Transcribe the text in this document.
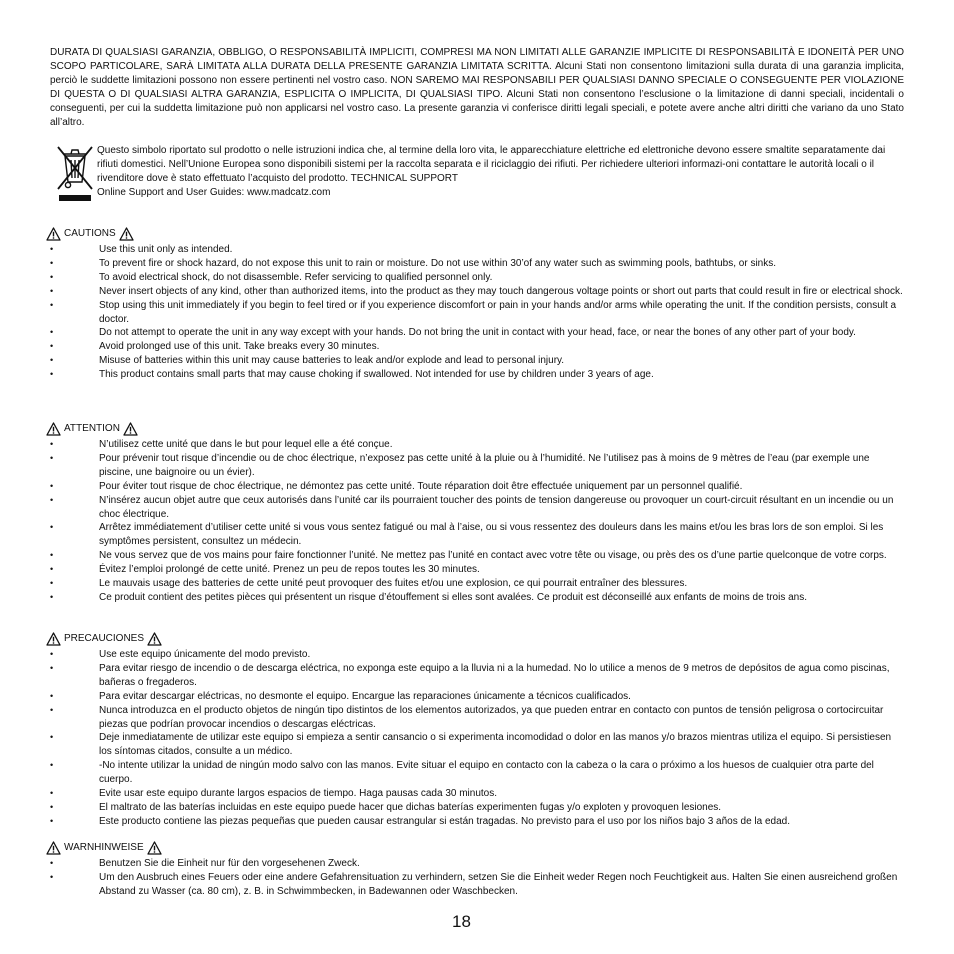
DURATA DI QUALSIASI GARANZIA, OBBLIGO, O RESPONSABILITÀ IMPLICITI, COMPRESI MA NON LIMITATI ALLE GARANZIE IMPLICITE DI RESPONSABILITÀ E IDONEITÀ PER UNO SCOPO PARTICOLARE, SARÀ LIMITATA ALLA DURATA DELLA PRESENTE GARANZIA LIMITATA SCRITTA. Alcuni Stati non consentono limitazioni sulla durata di una garanzia implicita, perciò le suddette limitazioni possono non essere pertinenti nel vostro caso. NON SAREMO MAI RESPONSABILI PER QUALSIASI DANNO SPECIALE O CONSEGUENTE PER VIOLAZIONE DI QUESTA O DI QUALSIASI ALTRA GARANZIA, ESPLICITA O IMPLICITA, DI QUALSIASI TIPO. Alcuni Stati non consentono l’esclusione o la limitazione di danni speciali, incidentali o conseguenti, per cui la suddetta limitazione può non applicarsi nel vostro caso. La presente garanzia vi conferisce diritti legali speciali, e potete avere anche altri diritti che variano da uno Stato all’altro.
Questo simbolo riportato sul prodotto o nelle istruzioni indica che, al termine della loro vita, le apparecchiature elettriche ed elettroniche devono essere smaltite separatamente dai rifiuti domestici. Nell’Unione Europea sono disponibili sistemi per la raccolta separata e il riciclaggio dei rifiuti. Per richiedere ulteriori informazi-oni contattare le autorità locali o il rivenditore dove è stato effettuato l’acquisto del prodotto. TECHNICAL SUPPORT
Online Support and User Guides: www.madcatz.com
CAUTIONS
•	Use this unit only as intended.
•	To prevent fire or shock hazard, do not expose this unit to rain or moisture. Do not use within 30’of any water such as swimming pools, bathtubs, or sinks.
•	To avoid electrical shock, do not disassemble. Refer servicing to qualified personnel only.
•	Never insert objects of any kind, other than authorized items, into the product as they may touch dangerous voltage points or short out parts that could result in fire or electrical shock.
•	Stop using this unit immediately if you begin to feel tired or if you experience discomfort or pain in your hands and/or arms while operating the unit. If the condition persists, consult a doctor.
•	Do not attempt to operate the unit in any way except with your hands. Do not bring the unit in contact with your head, face, or near the bones of any other part of your body.
•	Avoid prolonged use of this unit. Take breaks every 30 minutes.
•	Misuse of batteries within this unit may cause batteries to leak and/or explode and lead to personal injury.
•	This product contains small parts that may cause choking if swallowed. Not intended for use by children under 3 years of age.
ATTENTION
•	N’utilisez cette unité que dans le but pour lequel elle a été conçue.
•	Pour prévenir tout risque d’incendie ou de choc électrique, n’exposez pas cette unité à la pluie ou à l’humidité. Ne l’utilisez pas à moins de 9 mètres de l’eau (par exemple une piscine, une baignoire ou un évier).
•	Pour éviter tout risque de choc électrique, ne démontez pas cette unité. Toute réparation doit être effectuée uniquement par un personnel qualifié.
•	N’insérez aucun objet autre que ceux autorisés dans l’unité car ils pourraient toucher des points de tension dangereuse ou provoquer un court-circuit résultant en un incendie ou un choc électrique.
•	Arrêtez immédiatement d’utiliser cette unité si vous vous sentez fatigué ou mal à l’aise, ou si vous ressentez des douleurs dans les mains et/ou les bras lors de son emploi. Si les symptômes persistent, consultez un médecin.
•	Ne vous servez que de vos mains pour faire fonctionner l’unité. Ne mettez pas l’unité en contact avec votre tête ou visage, ou près des os d’une partie quelconque de votre corps.
•	Évitez l’emploi prolongé de cette unité. Prenez un peu de repos toutes les 30 minutes.
•	Le mauvais usage des batteries de cette unité peut provoquer des fuites et/ou une explosion, ce qui pourrait entraîner des blessures.
•	Ce produit contient des petites pièces qui présentent un risque d’étouffement si elles sont avalées. Ce produit est déconseillé aux enfants de moins de trois ans.
PRECAUCIONES
•	Use este equipo únicamente del modo previsto.
•	Para evitar riesgo de incendio o de descarga eléctrica, no exponga este equipo a la lluvia ni a la humedad. No lo utilice a menos de 9 metros de depósitos de agua como piscinas, bañeras o fregaderos.
•	Para evitar descargar eléctricas, no desmonte el equipo. Encargue las reparaciones únicamente a técnicos cualificados.
•	Nunca introduzca en el producto objetos de ningún tipo distintos de los elementos autorizados, ya que pueden entrar en contacto con puntos de tensión peligrosa o cortocircuitar piezas que podrían provocar incendios o descargas eléctricas.
•	Deje inmediatamente de utilizar este equipo si empieza a sentir cansancio o si experimenta incomodidad o dolor en las manos y/o brazos mientras utiliza el equipo. Si persistiesen los síntomas citados, consulte a un médico.
•	-No intente utilizar la unidad de ningún modo salvo con las manos. Evite situar el equipo en contacto con la cabeza o la cara o próximo a los huesos de cualquier otra parte del cuerpo.
•	Evite usar este equipo durante largos espacios de tiempo. Haga pausas cada 30 minutos.
•	El maltrato de las baterías incluidas en este equipo puede hacer que dichas baterías experimenten fugas y/o exploten y provoquen lesiones.
•	Este producto contiene las piezas pequeñas que pueden causar estrangular si están tragadas. No previsto para el uso por los niños bajo 3 años de la edad.
WARNHINWEISE
•	Benutzen Sie die Einheit nur für den vorgesehenen Zweck.
•	Um den Ausbruch eines Feuers oder eine andere Gefahrensituation zu verhindern, setzen Sie die Einheit weder Regen noch Feuchtigkeit aus. Halten Sie einen ausreichend großen Abstand zu Wasser (ca. 80 cm), z. B. in Schwimmbecken, in Badewannen oder Waschbecken.
18
